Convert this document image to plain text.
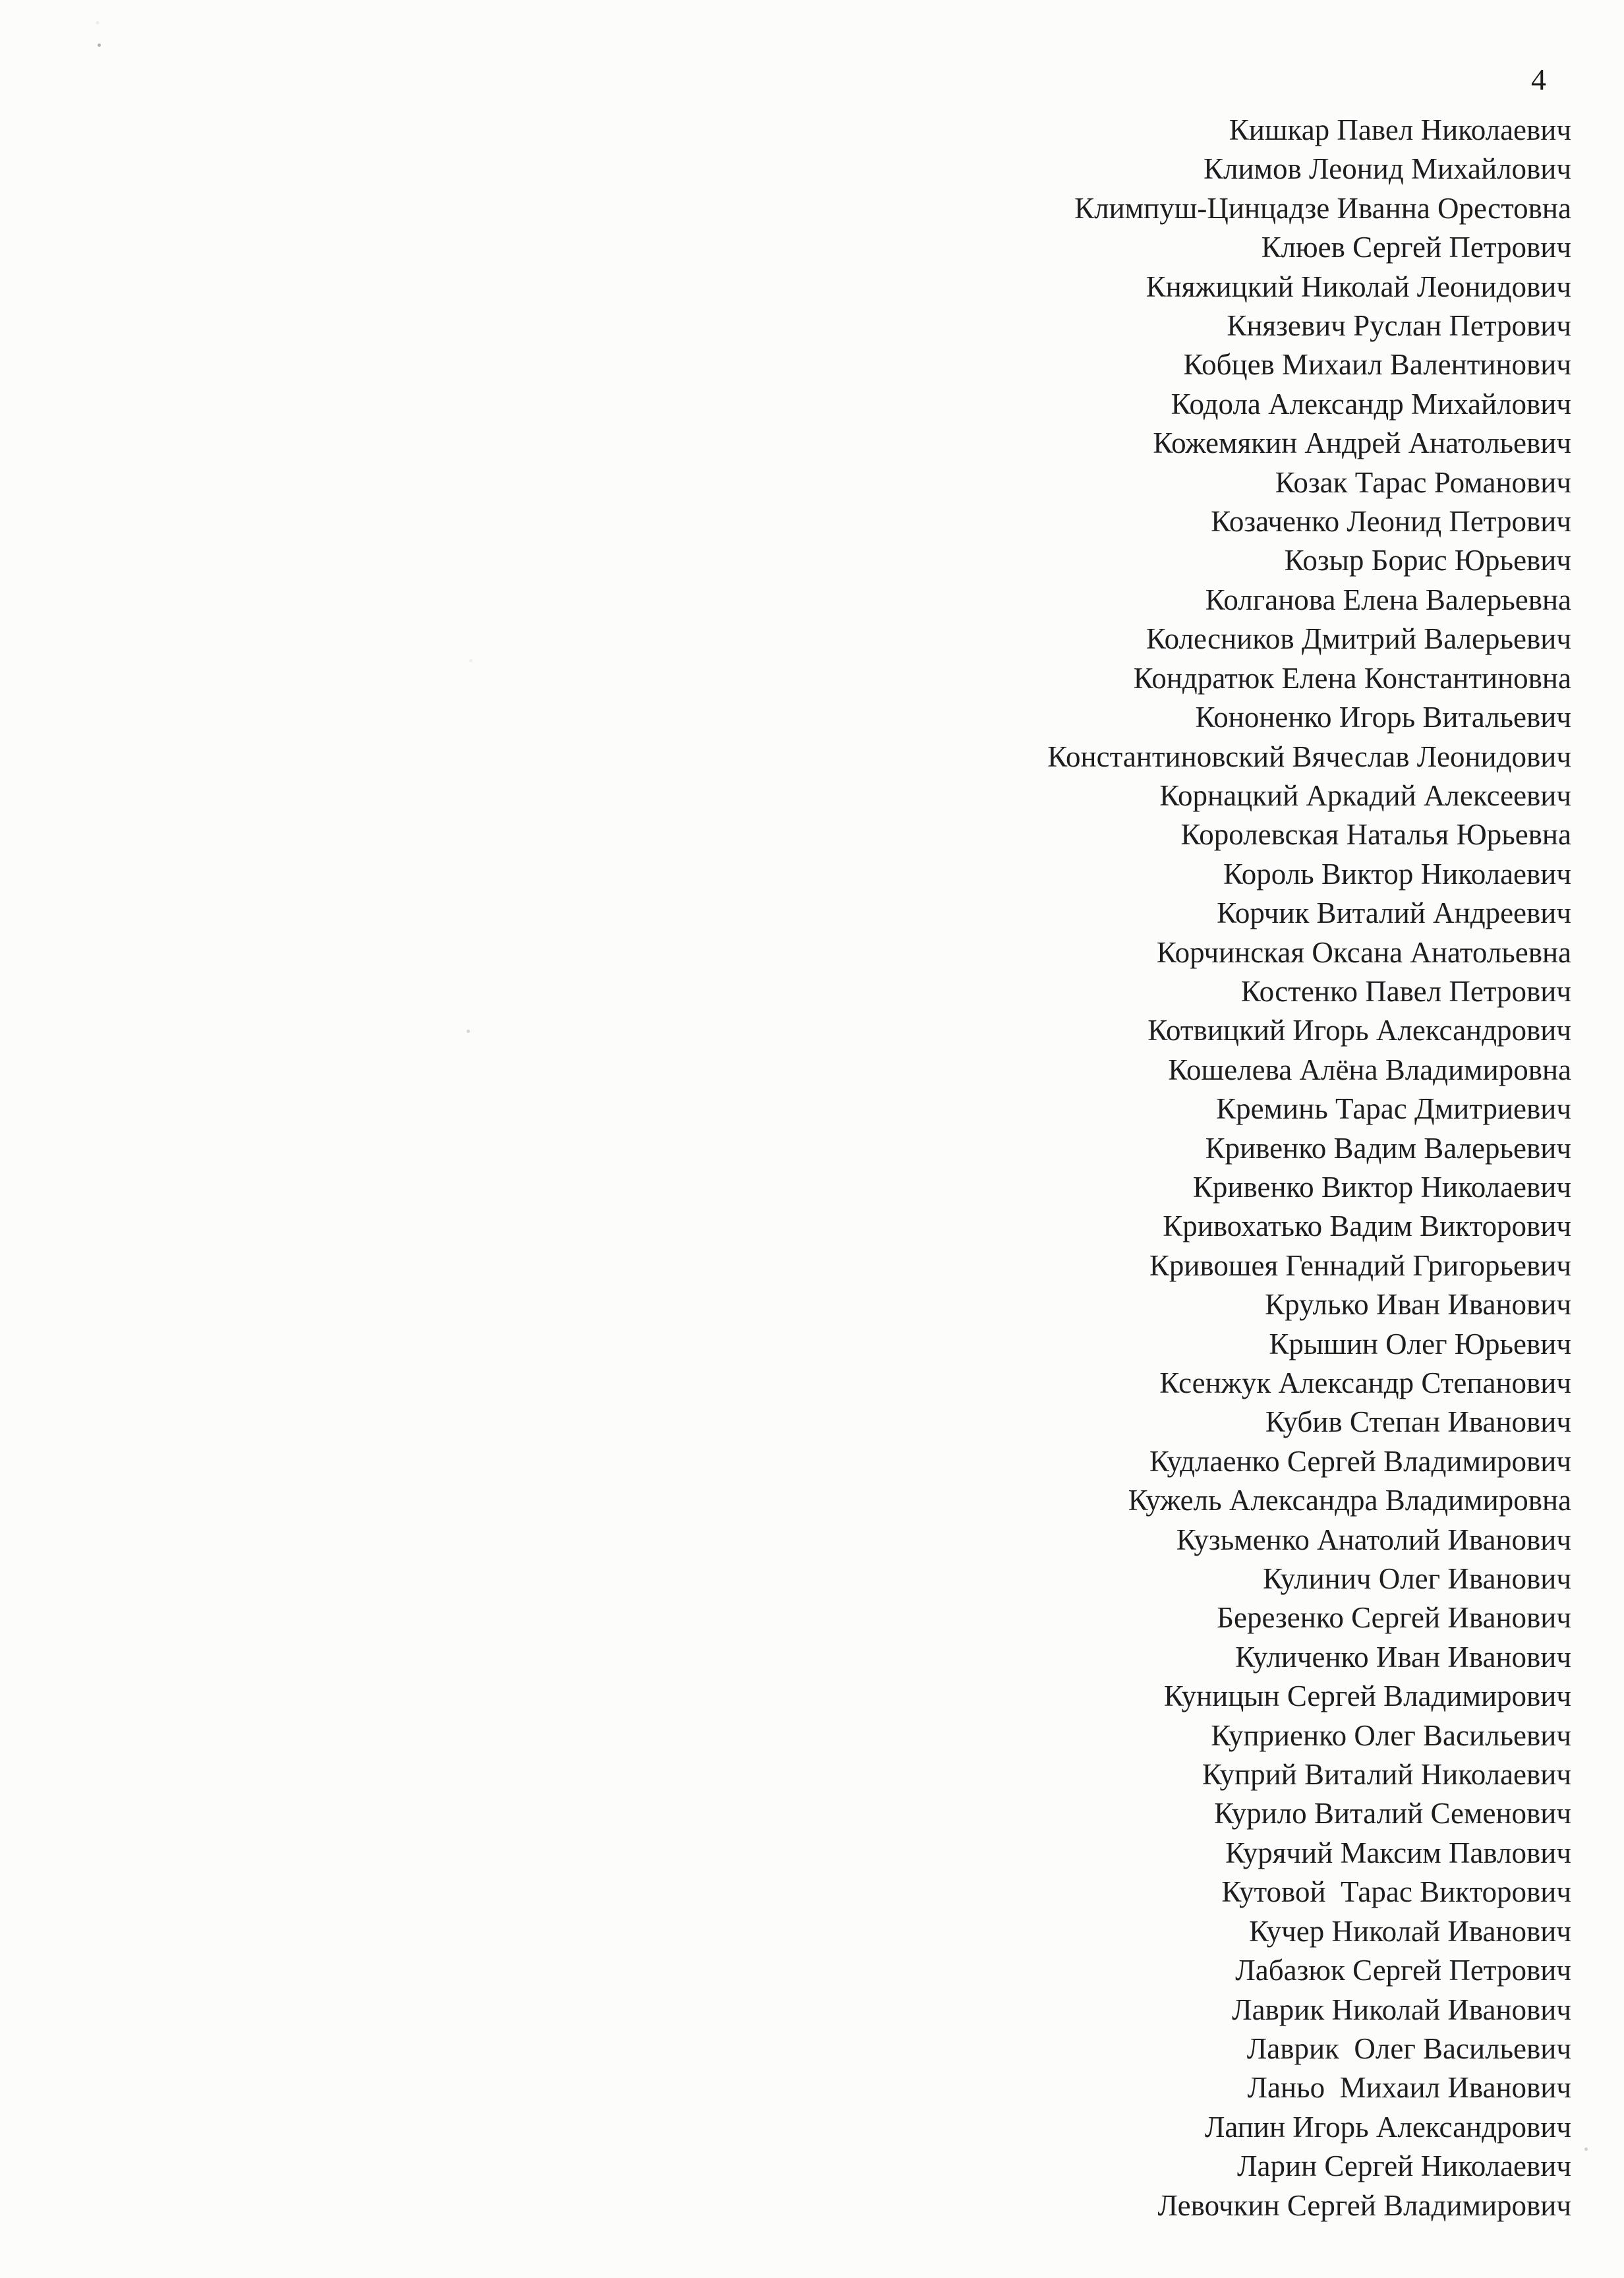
4
Кишкар Павел Николаевич
Климов Леонид Михайлович
Климпуш-Цинцадзе Иванна Орестовна
Клюев Сергей Петрович
Княжицкий Николай Леонидович
Князевич Руслан Петрович
Кобцев Михаил Валентинович
Кодола Александр Михайлович
Кожемякин Андрей Анатольевич
Козак Тарас Романович
Козаченко Леонид Петрович
Козыр Борис Юрьевич
Колганова Елена Валерьевна
Колесников Дмитрий Валерьевич
Кондратюк Елена Константиновна
Кононенко Игорь Витальевич
Константиновский Вячеслав Леонидович
Корнацкий Аркадий Алексеевич
Королевская Наталья Юрьевна
Король Виктор Николаевич
Корчик Виталий Андреевич
Корчинская Оксана Анатольевна
Костенко Павел Петрович
Котвицкий Игорь Александрович
Кошелева Алёна Владимировна
Креминь Тарас Дмитриевич
Кривенко Вадим Валерьевич
Кривенко Виктор Николаевич
Кривохатько Вадим Викторович
Кривошея Геннадий Григорьевич
Крулько Иван Иванович
Крышин Олег Юрьевич
Ксенжук Александр Степанович
Кубив Степан Иванович
Кудлаенко Сергей Владимирович
Кужель Александра Владимировна
Кузьменко Анатолий Иванович
Кулинич Олег Иванович
Березенко Сергей Иванович
Куличенко Иван Иванович
Куницын Сергей Владимирович
Куприенко Олег Васильевич
Куприй Виталий Николаевич
Курило Виталий Семенович
Курячий Максим Павлович
Кутовой  Тарас Викторович
Кучер Николай Иванович
Лабазюк Сергей Петрович
Лаврик Николай Иванович
Лаврик  Олег Васильевич
Ланьо  Михаил Иванович
Лапин Игорь Александрович
Ларин Сергей Николаевич
Левочкин Сергей Владимирович
